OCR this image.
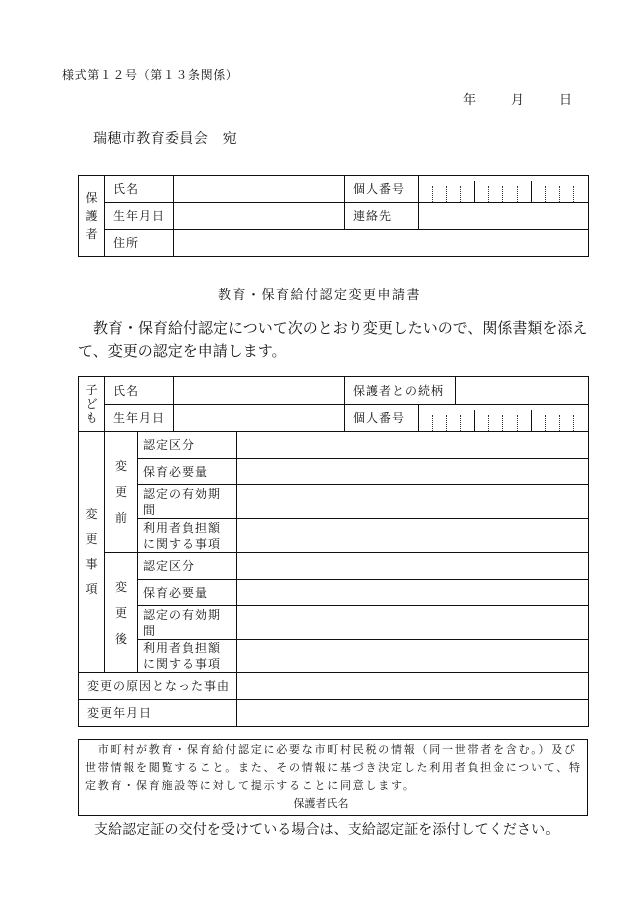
様式第１２号（第１３条関係）
年　　月　　日
瑞穂市教育委員会　宛
保護者	氏名		個人番号	

	生年月日		連絡先	
	住所			
教育・保育給付認定変更申請書
　教育・保育給付認定について次のとおり変更したいので、関係書類を添えて、変更の認定を申請します。
子ども	氏名				保護者との続柄		
	生年月日				個人番号		

変更事項	変更前	認定区分					

		保育必要量					

		認定の有効期間					

		利用者負担額に関する事項					

	変更後	認定区分					

		保育必要量					

		認定の有効期間					

		利用者負担額に関する事項					

変更の原因となった事由							
変更年月日							
　市町村が教育・保育給付認定に必要な市町村民税の情報（同一世帯者を含む。）及び世帯情報を閲覧すること。また、その情報に基づき決定した利用者負担金について、特定教育・保育施設等に対して提示することに同意します。
保護者氏名
支給認定証の交付を受けている場合は、支給認定証を添付してください。
